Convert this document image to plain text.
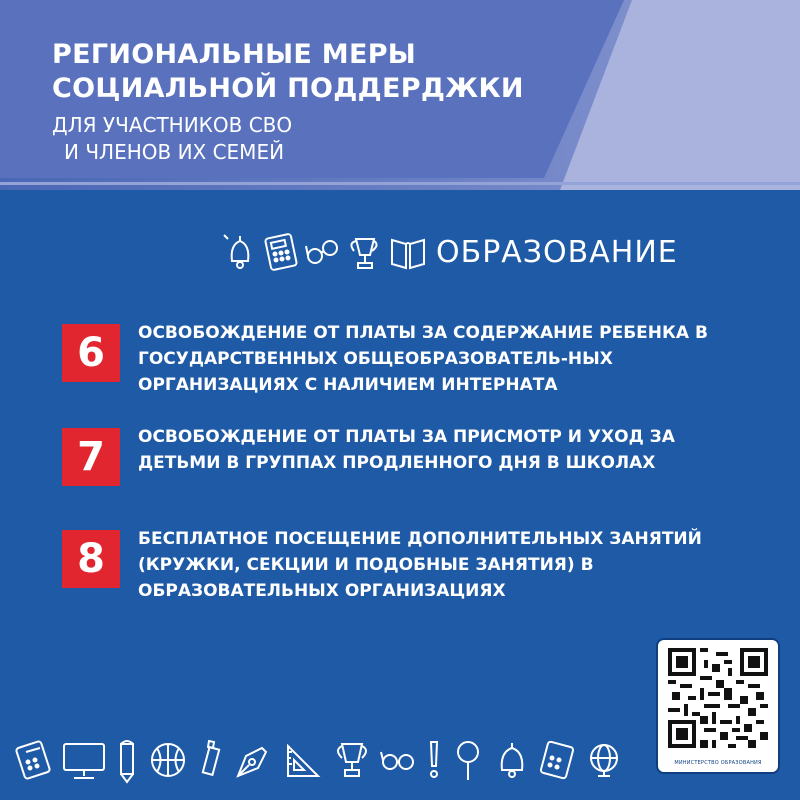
РЕГИОНАЛЬНЫЕ МЕРЫ
СОЦИАЛЬНОЙ ПОДДЕРДЖКИ

ДЛЯ УЧАСТНИКОВ СВО
И ЧЛЕНОВ ИХ СЕМЕЙ

ОБРАЗОВАНИЕ
6	ОСВОБОЖДЕНИЕ ОТ ПЛАТЫ ЗА СОДЕРЖАНИЕ РЕБЕНКА В ГОСУДАРСТВЕННЫХ ОБЩЕОБРАЗОВАТЕЛЬ-НЫХ ОРГАНИЗАЦИЯХ С НАЛИЧИЕМ ИНТЕРНАТА
7	ОСВОБОЖДЕНИЕ ОТ ПЛАТЫ ЗА ПРИСМОТР И УХОД ЗА ДЕТЬМИ В ГРУППАХ ПРОДЛЕННОГО ДНЯ В ШКОЛАХ
8	БЕСПЛАТНОЕ ПОСЕЩЕНИЕ ДОПОЛНИТЕЛЬНЫХ ЗАНЯТИЙ (КРУЖКИ, СЕКЦИИ И ПОДОБНЫЕ ЗАНЯТИЯ) В ОБРАЗОВАТЕЛЬНЫХ ОРГАНИЗАЦИЯХ
МИНИСТЕРСТВО ОБРАЗОВАНИЯ
